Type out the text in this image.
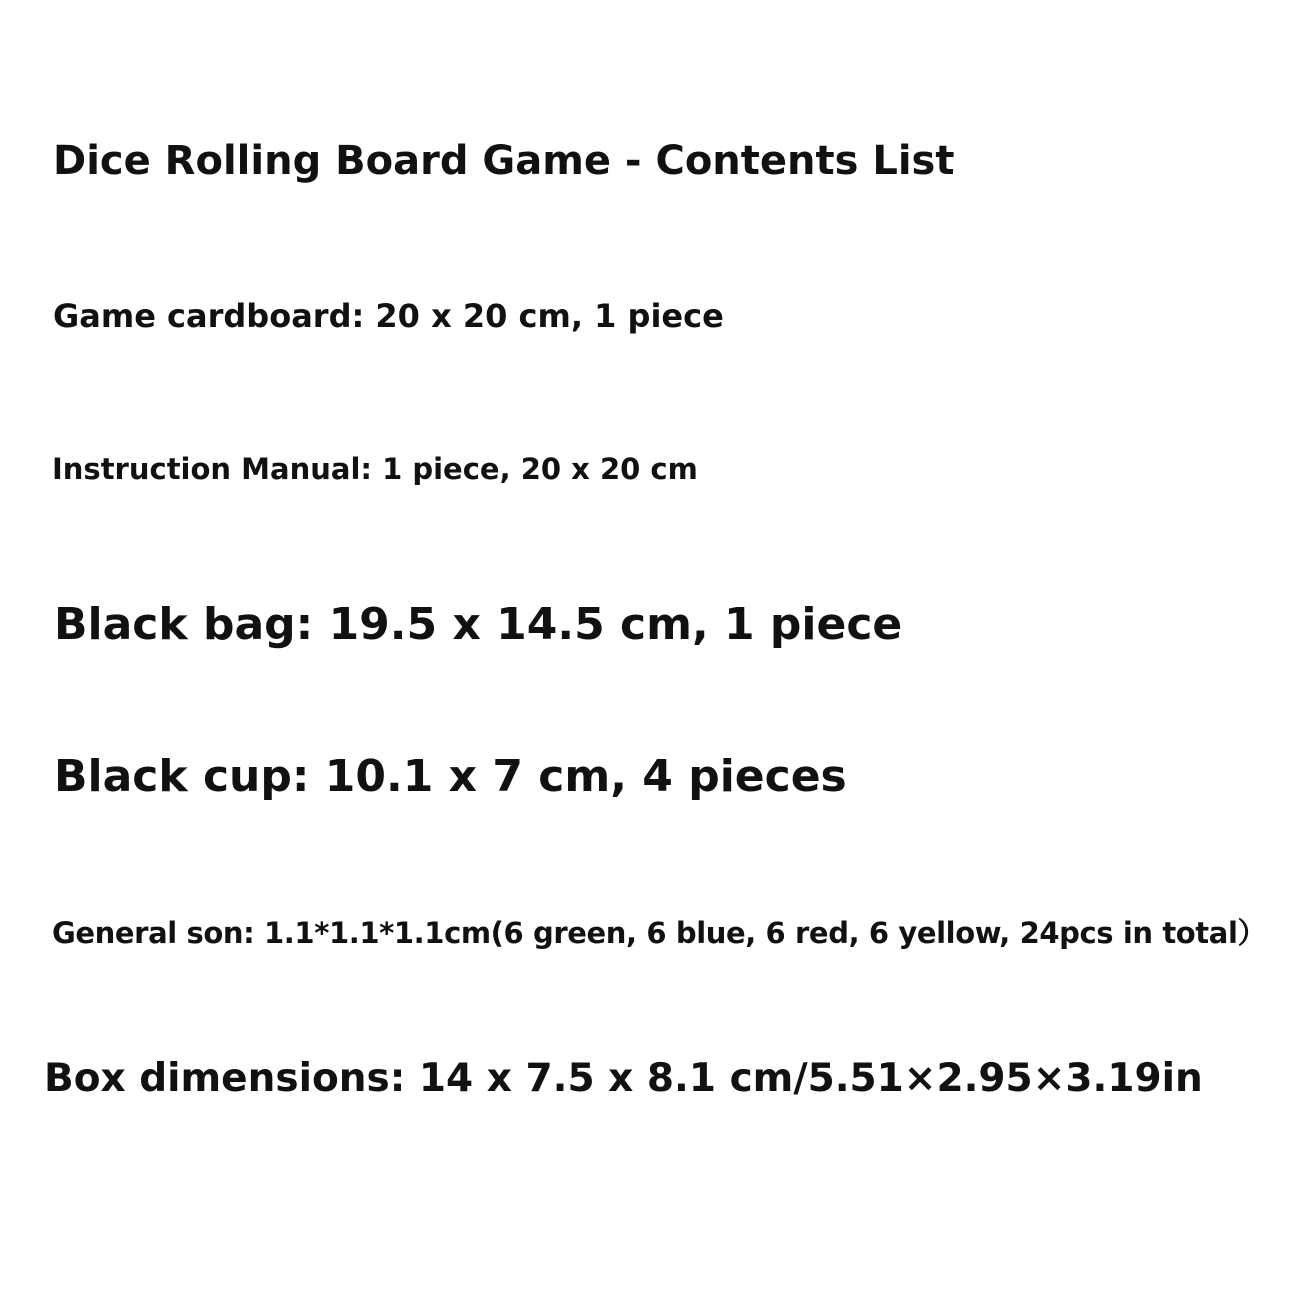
Dice Rolling Board Game - Contents List
Game cardboard: 20 x 20 cm, 1 piece
Instruction Manual: 1 piece, 20 x 20 cm
Black bag: 19.5 x 14.5 cm, 1 piece
Black cup: 10.1 x 7 cm, 4 pieces
General son: 1.1*1.1*1.1cm(6 green, 6 blue, 6 red, 6 yellow, 24pcs in total）
Box dimensions: 14 x 7.5 x 8.1 cm/5.51×2.95×3.19in
